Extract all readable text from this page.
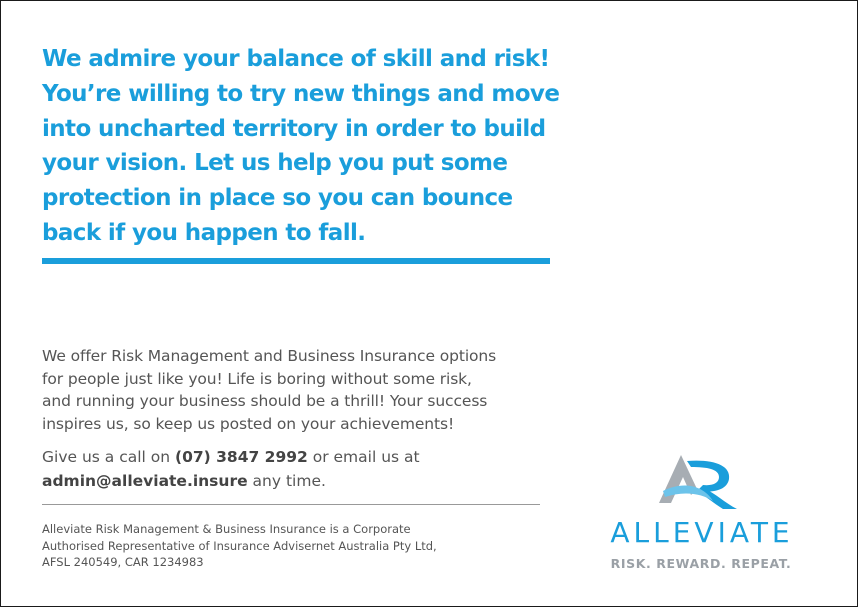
We admire your balance of skill and risk!
You’re willing to try new things and move
into uncharted territory in order to build
your vision. Let us help you put some
protection in place so you can bounce
back if you happen to fall.

We offer Risk Management and Business Insurance options
for people just like you! Life is boring without some risk,
and running your business should be a thrill! Your success
inspires us, so keep us posted on your achievements!

Give us a call on (07) 3847 2992 or email us at
admin@alleviate.insure any time.

Alleviate Risk Management & Business Insurance is a Corporate
Authorised Representative of Insurance Advisernet Australia Pty Ltd,
AFSL 240549, CAR 1234983

ALLEVIATE
RISK. REWARD. REPEAT.
